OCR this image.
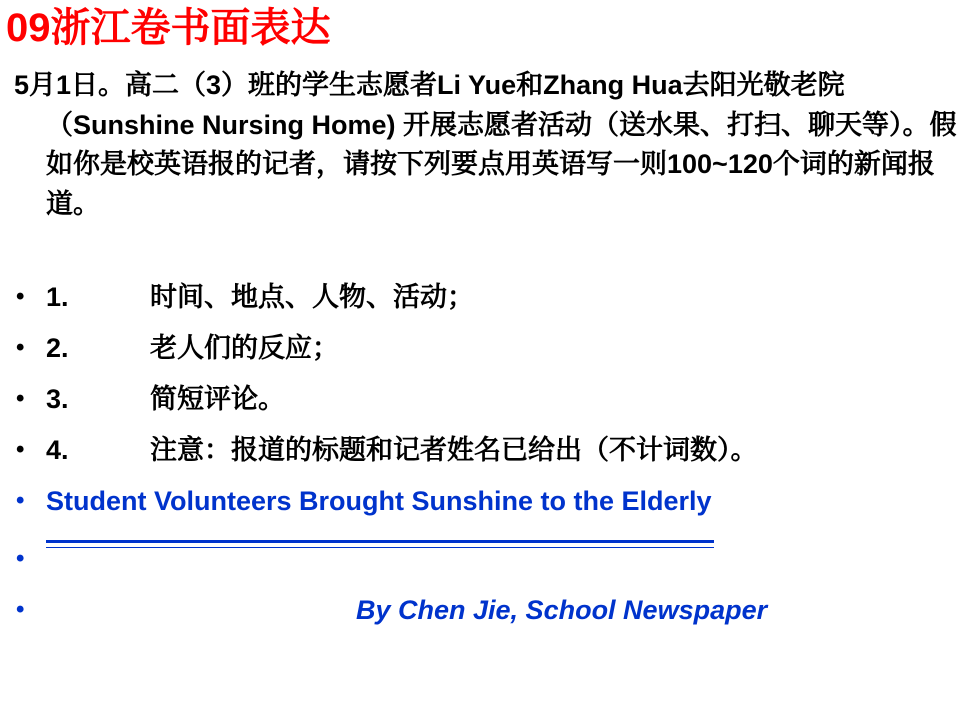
09浙江卷书面表达
5月1日。高二（3）班的学生志愿者Li Yue和Zhang Hua去阳光敬老院（Sunshine Nursing Home) 开展志愿者活动（送水果、打扫、聊天等）。假如你是校英语报的记者，请按下列要点用英语写一则100~120个词的新闻报道。
• 1.	时间、地点、人物、活动；
• 2.	老人们的反应；
• 3.	简短评论。
• 4.	注意：报道的标题和记者姓名已给出（不计词数）。
• Student Volunteers Brought Sunshine to the Elderly
•
•	By Chen Jie, School Newspaper
